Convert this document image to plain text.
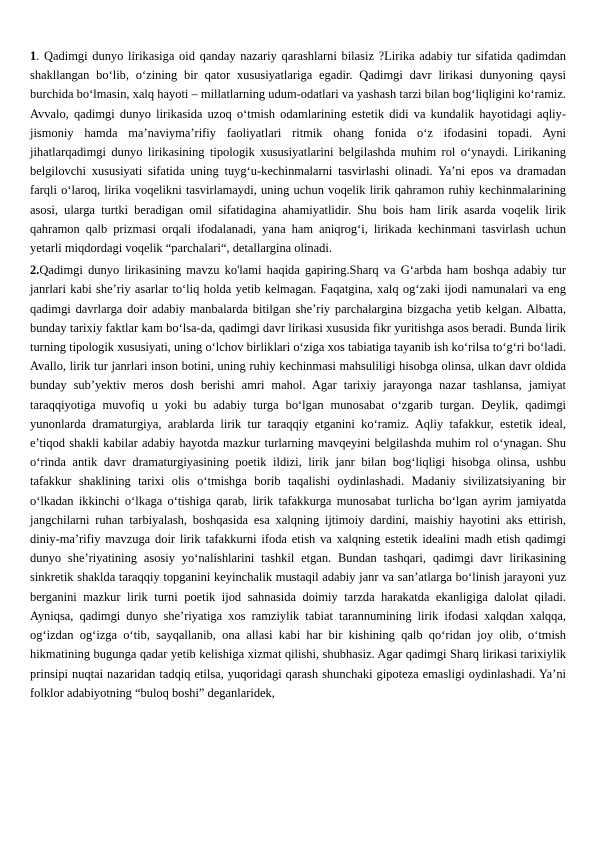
1. Qadimgi dunyo lirikasiga oid qanday nazariy qarashlarni bilasiz ?Lirika adabiy tur sifatida qadimdan shakllangan bo‘lib, o‘zining bir qator xususiyatlariga egadir. Qadimgi davr lirikasi dunyoning qaysi burchida bo‘lmasin, xalq hayoti – millatlarning udum-odatlari va yashash tarzi bilan bog‘liqligini ko‘ramiz. Avvalo, qadimgi dunyo lirikasida uzoq o‘tmish odamlarining estetik didi va kundalik hayotidagi aqliy-jismoniy hamda ma’naviyma’rifiy faoliyatlari ritmik ohang fonida o‘z ifodasini topadi. Ayni jihatlarqadimgi dunyo lirikasining tipologik xususiyatlarini belgilashda muhim rol o‘ynaydi. Lirikaning belgilovchi xususiyati sifatida uning tuyg‘u-kechinmalarni tasvirlashi olinadi. Ya’ni epos va dramadan farqli o‘laroq, lirika voqelikni tasvirlamaydi, uning uchun voqelik lirik qahramon ruhiy kechinmalarining asosi, ularga turtki beradigan omil sifatidagina ahamiyatlidir. Shu bois ham lirik asarda voqelik lirik qahramon qalb prizmasi orqali ifodalanadi, yana ham aniqrog‘i, lirikada kechinmani tasvirlash uchun yetarli miqdordagi voqelik “parchalari“, detallargina olinadi.

2.Qadimgi dunyo lirikasining mavzu ko'lami haqida gapiring.Sharq va G‘arbda ham boshqa adabiy tur janrlari kabi she’riy asarlar to‘liq holda yetib kelmagan. Faqatgina, xalq og‘zaki ijodi namunalari va eng qadimgi davrlarga doir adabiy manbalarda bitilgan she’riy parchalargina bizgacha yetib kelgan. Albatta, bunday tarixiy faktlar kam bo‘lsa-da, qadimgi davr lirikasi xususida fikr yuritishga asos beradi. Bunda lirik turning tipologik xususiyati, uning o‘lchov birliklari o‘ziga xos tabiatiga tayanib ish ko‘rilsa to‘g‘ri bo‘ladi. Avallo, lirik tur janrlari inson botini, uning ruhiy kechinmasi mahsuliligi hisobga olinsa, ulkan davr oldida bunday sub’yektiv meros dosh berishi amri mahol. Agar tarixiy jarayonga nazar tashlansa, jamiyat taraqqiyotiga muvofiq u yoki bu adabiy turga bo‘lgan munosabat o‘zgarib turgan. Deylik, qadimgi yunonlarda dramaturgiya, arablarda lirik tur taraqqiy etganini ko‘ramiz. Aqliy tafakkur, estetik ideal, e’tiqod shakli kabilar adabiy hayotda mazkur turlarning mavqeyini belgilashda muhim rol o‘ynagan. Shu o‘rinda antik davr dramaturgiyasining poetik ildizi, lirik janr bilan bog‘liqligi hisobga olinsa, ushbu tafakkur shaklining tarixi olis o‘tmishga borib taqalishi oydinlashadi. Madaniy sivilizatsiyaning bir o‘lkadan ikkinchi o‘lkaga o‘tishiga qarab, lirik tafakkurga munosabat turlicha bo‘lgan ayrim jamiyatda jangchilarni ruhan tarbiyalash, boshqasida esa xalqning ijtimoiy dardini, maishiy hayotini aks ettirish, diniy-ma’rifiy mavzuga doir lirik tafakkurni ifoda etish va xalqning estetik idealini madh etish qadimgi dunyo she’riyatining asosiy yo‘nalishlarini tashkil etgan. Bundan tashqari, qadimgi davr lirikasining sinkretik shaklda taraqqiy topganini keyinchalik mustaqil adabiy janr va san’atlarga bo‘linish jarayoni yuz berganini mazkur lirik turni poetik ijod sahnasida doimiy tarzda harakatda ekanligiga dalolat qiladi. Ayniqsa, qadimgi dunyo she’riyatiga xos ramziylik tabiat tarannumining lirik ifodasi xalqdan xalqqa, og‘izdan og‘izga o‘tib, sayqallanib, ona allasi kabi har bir kishining qalb qo‘ridan joy olib, o‘tmish hikmatining bugunga qadar yetib kelishiga xizmat qilishi, shubhasiz. Agar qadimgi Sharq lirikasi tarixiylik prinsipi nuqtai nazaridan tadqiq etilsa, yuqoridagi qarash shunchaki gipoteza emasligi oydinlashadi. Ya’ni folklor adabiyotning “buloq boshi” deganlaridek,
